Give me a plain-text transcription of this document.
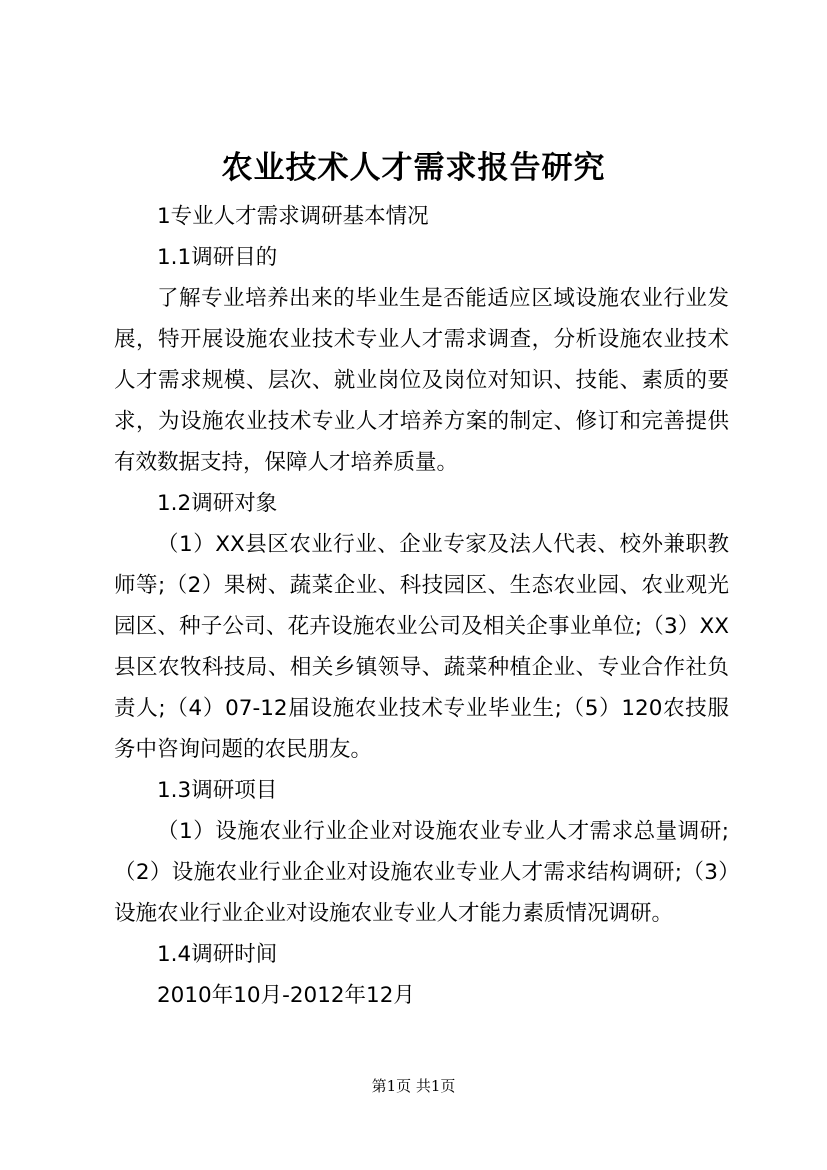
农业技术人才需求报告研究

1专业人才需求调研基本情况

1.1调研目的

了解专业培养出来的毕业生是否能适应区域设施农业行业发展，特开展设施农业技术专业人才需求调查，分析设施农业技术人才需求规模、层次、就业岗位及岗位对知识、技能、素质的要求，为设施农业技术专业人才培养方案的制定、修订和完善提供有效数据支持，保障人才培养质量。

1.2调研对象

（1）XX县区农业行业、企业专家及法人代表、校外兼职教师等;（2）果树、蔬菜企业、科技园区、生态农业园、农业观光园区、种子公司、花卉设施农业公司及相关企事业单位;（3）XX县区农牧科技局、相关乡镇领导、蔬菜种植企业、专业合作社负责人;（4）07-12届设施农业技术专业毕业生;（5）120农技服务中咨询问题的农民朋友。

1.3调研项目

（1）设施农业行业企业对设施农业专业人才需求总量调研;（2）设施农业行业企业对设施农业专业人才需求结构调研;（3）设施农业行业企业对设施农业专业人才能力素质情况调研。

1.4调研时间

2010年10月-2012年12月

第1页 共1页
